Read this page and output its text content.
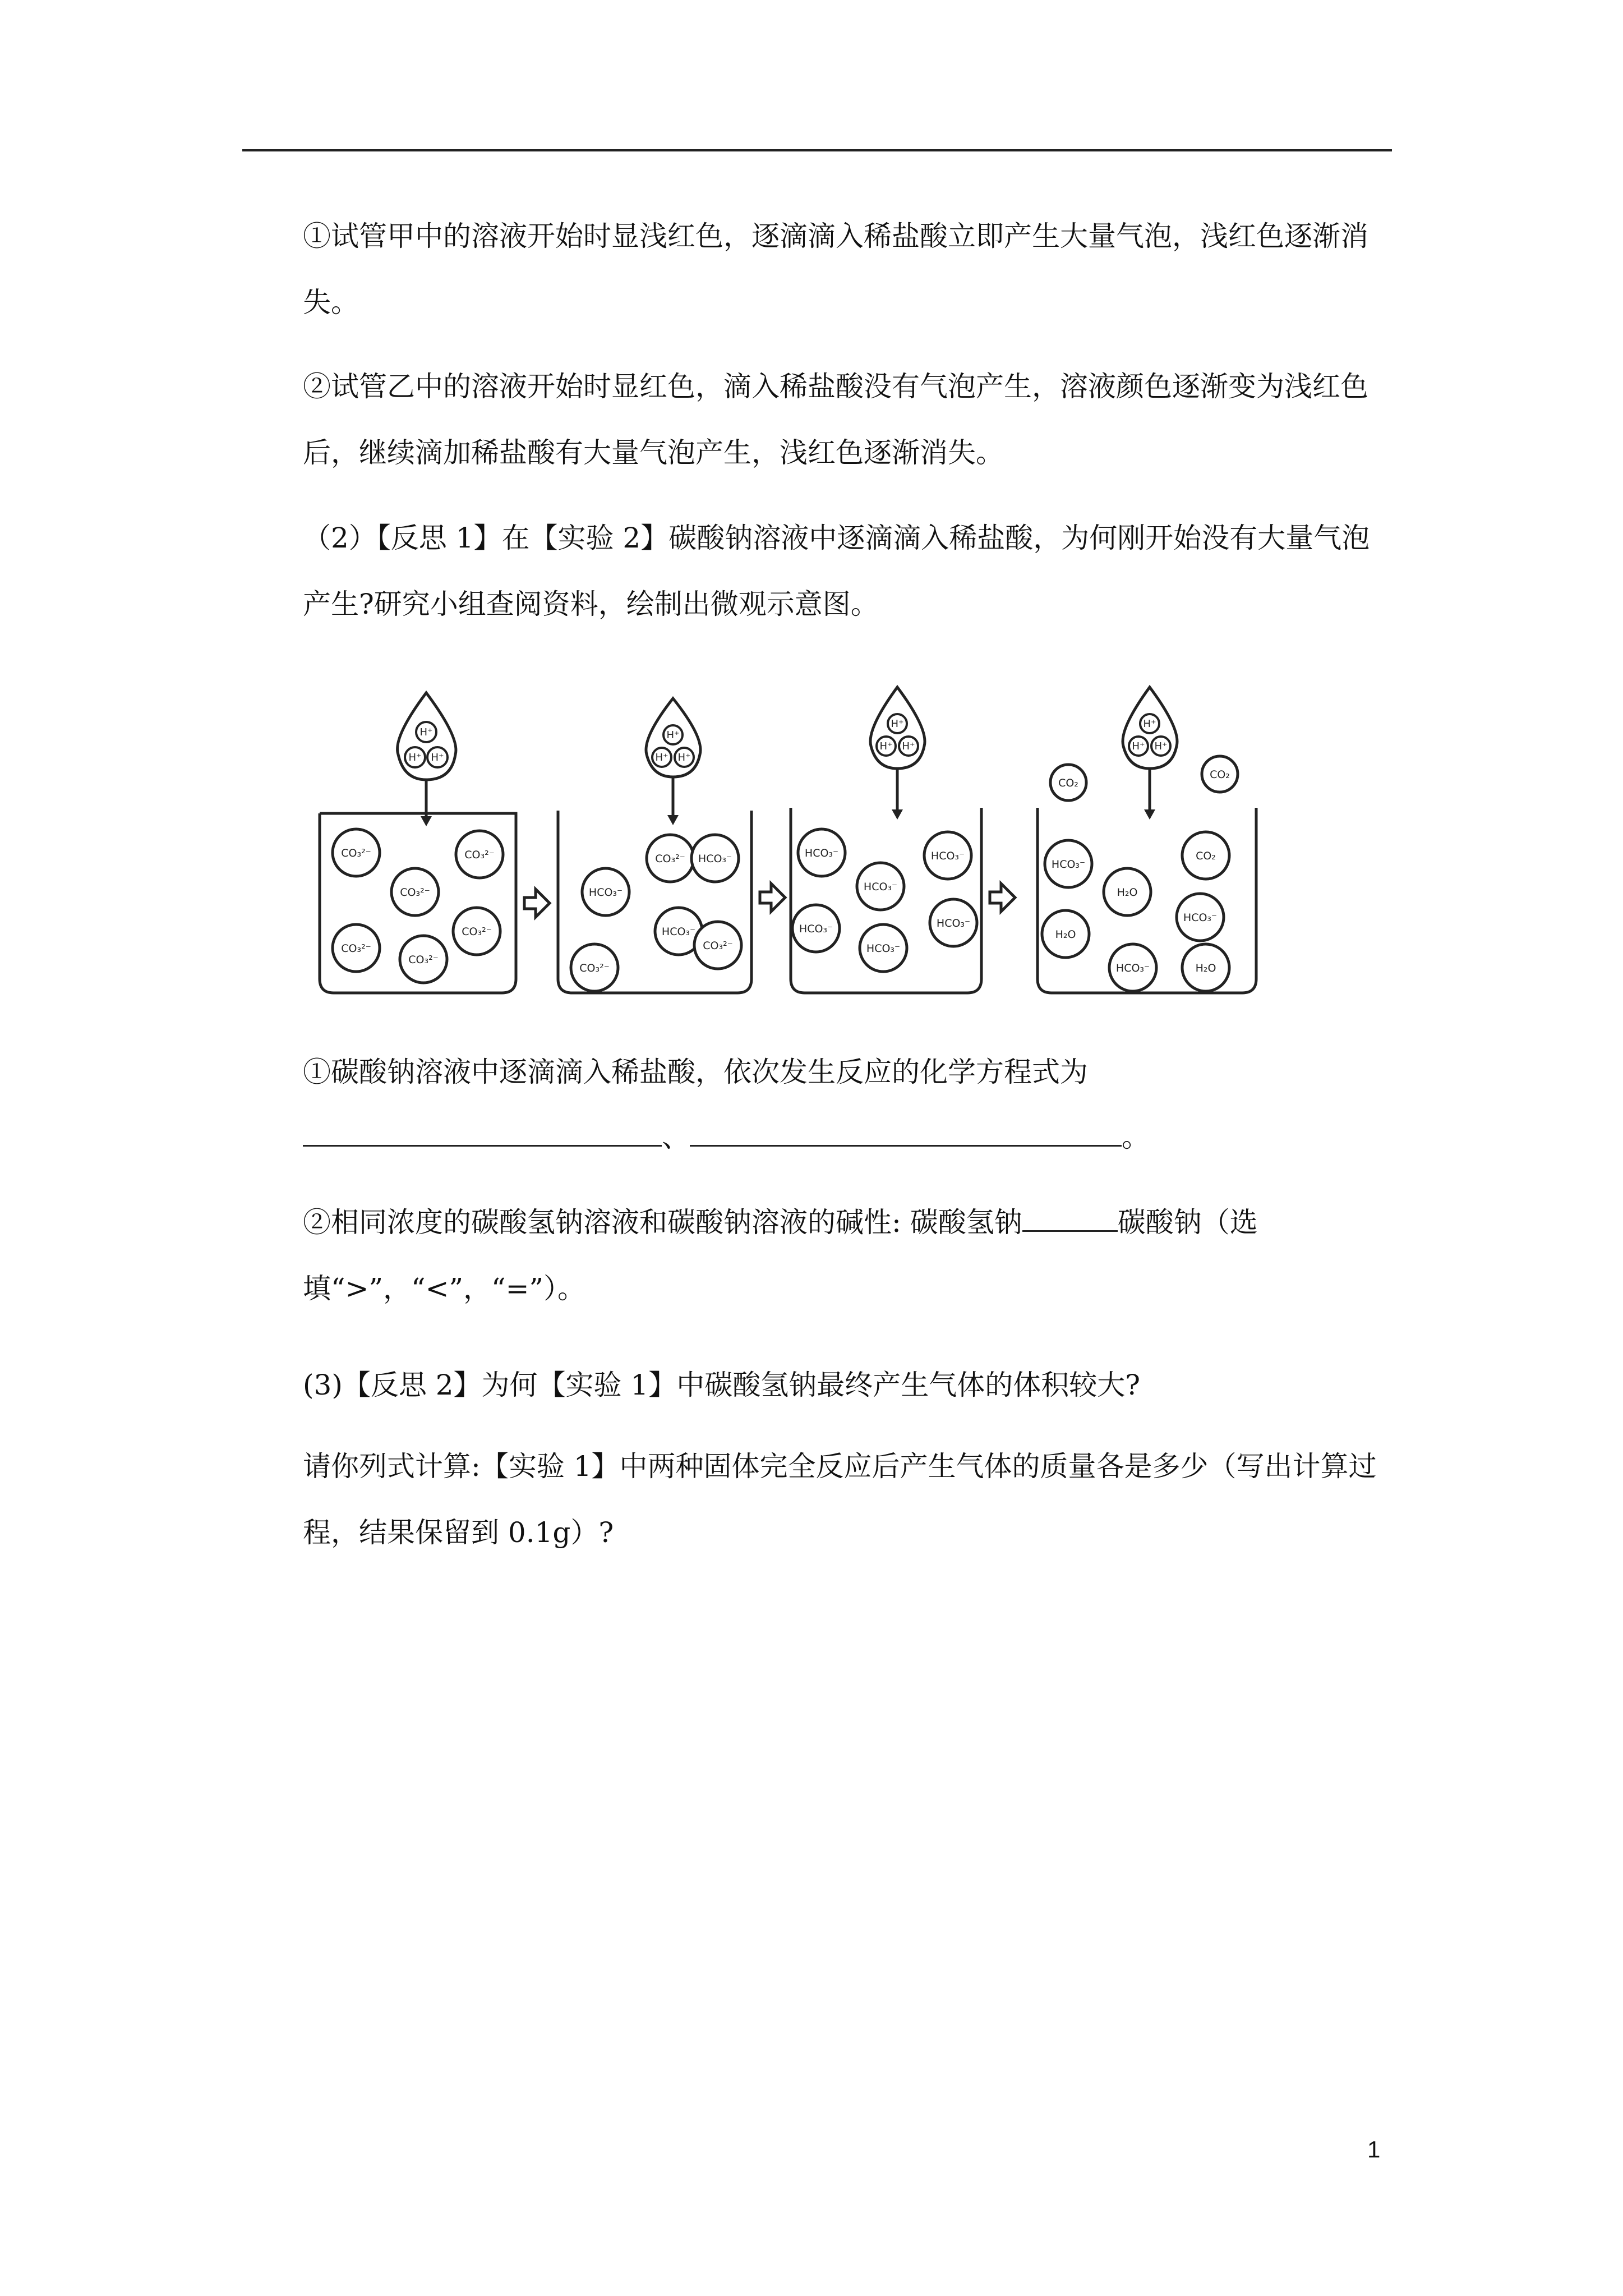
①试管甲中的溶液开始时显浅红色，逐滴滴入稀盐酸立即产生大量气泡，浅红色逐渐消失。

②试管乙中的溶液开始时显红色，滴入稀盐酸没有气泡产生，溶液颜色逐渐变为浅红色后，继续滴加稀盐酸有大量气泡产生，浅红色逐渐消失。

（2）【反思 1】在【实验 2】碳酸钠溶液中逐滴滴入稀盐酸，为何刚开始没有大量气泡产生?研究小组查阅资料，绘制出微观示意图。

H⁺
H⁺ H⁺
H⁺
H⁺ H⁺
H⁺
H⁺ H⁺
H⁺
H⁺ H⁺
CO₃²⁻
CO₃²⁻
CO₃²⁻
CO₃²⁻
CO₃²⁻
CO₃²⁻
CO₃²⁻
HCO₃⁻
HCO₃⁻
HCO₃⁻
CO₃²⁻
CO₃²⁻
HCO₃⁻
HCO₃⁻
HCO₃⁻
HCO₃⁻
HCO₃⁻
HCO₃⁻
HCO₃⁻
CO₂
H₂O
HCO₃⁻
H₂O
HCO₃⁻	H₂O
CO₂
CO₂

①碳酸钠溶液中逐滴滴入稀盐酸，依次发生反应的化学方程式为

、	。

②相同浓度的碳酸氢钠溶液和碳酸钠溶液的碱性: 碳酸氢钠	碳酸钠（选填“>”，“<”，“=”）。

(3)【反思 2】为何【实验 1】中碳酸氢钠最终产生气体的体积较大?

请你列式计算:【实验 1】中两种固体完全反应后产生气体的质量各是多少（写出计算过程，结果保留到 0.1g）?

1
